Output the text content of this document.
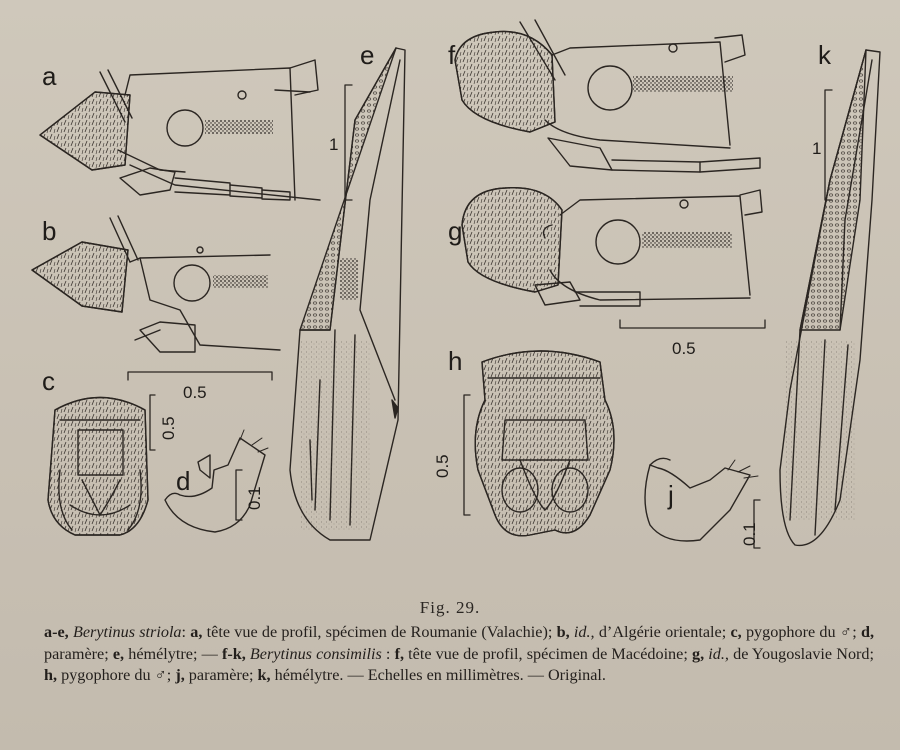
a
b
c
d
e	f
g
h
j
k
0.5
0.5
0.1
1
0.5
0.5
0.1
1
Fig. 29.
a-e, Berytinus striola: a, tête vue de profil, spécimen de Roumanie (Valachie); b, id., d’Algérie orientale; c, pygophore du ♂; d, paramère; e, hémélytre; — f-k, Berytinus consimilis : f, tête vue de profil, spécimen de Macédoine; g, id., de Yougoslavie Nord; h, pygophore du ♂; j, paramère; k, hémélytre. — Echelles en millimètres. — Original.
